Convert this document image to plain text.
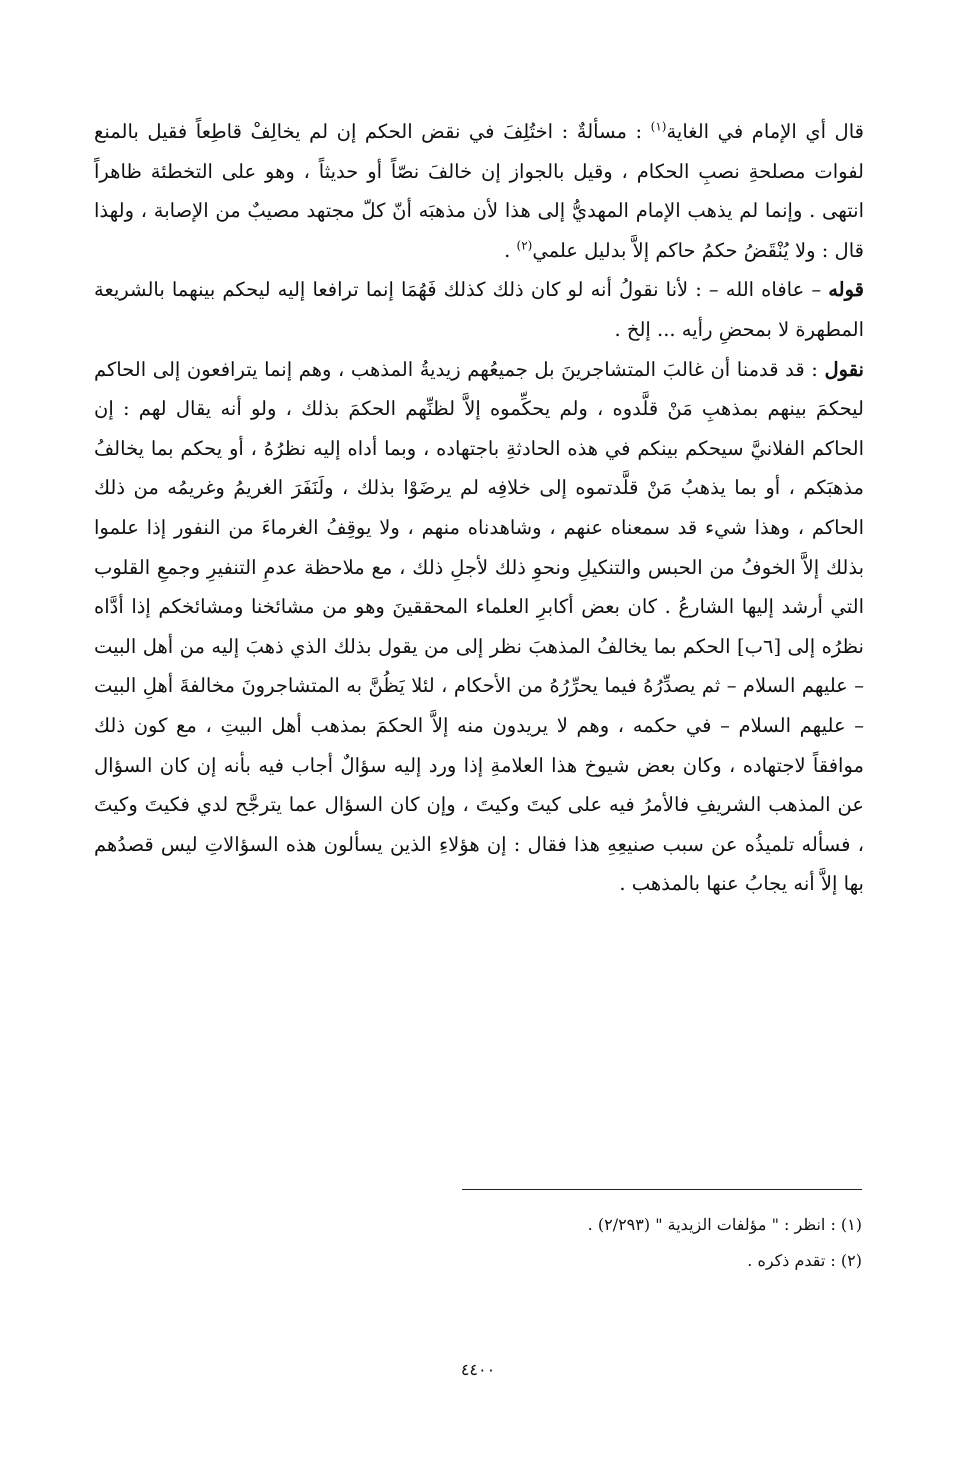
قال أي الإمام في الغاية$^{(١)}$ : مسألةٌ : اختُلِفَ في نقض الحكم إن لم يخالِفْ قاطِعاً فقيل بالمنع لفوات مصلحةِ نصبِ الحكام ، وقيل بالجواز إن خالفَ نصّاً أو حديثاً ، وهو على التخطئة ظاهراً انتهى . وإنما لم يذهب الإمام المهديُّ إلى هذا لأن مذهبَه أنّ كلّ مجتهد مصيبٌ من الإصابة ، ولهذا قال : ولا يُنْقَضُ حكمُ حاكم إلاَّ بدليل علمي$^{(٢)}$ .

قوله – عافاه الله – : لأنا نقولُ أنه لو كان ذلك كذلك فَهُمَا إنما ترافعا إليه ليحكم بينهما بالشريعة المطهرة لا بمحضِ رأيه ... إلخ .

نقول : قد قدمنا أن غالبَ المتشاجرينَ بل جميعُهم زيديةُ المذهب ، وهم إنما يترافعون إلى الحاكم ليحكمَ بينهم بمذهبِ مَنْ قلَّدوه ، ولم يحكِّموه إلاَّ لظنِّهم الحكمَ بذلك ، ولو أنه يقال لهم : إن الحاكم الفلانيَّ سيحكم بينكم في هذه الحادثةِ باجتهاده ، وبما أداه إليه نظرُهُ ، أو يحكم بما يخالفُ مذهبَكم ، أو بما يذهبُ مَنْ قلَّدتموه إلى خلافِه لم يرضَوْا بذلك ، ولَنَفَرَ الغريمُ وغريمُه من ذلك الحاكم ، وهذا شيء قد سمعناه عنهم ، وشاهدناه منهم ، ولا يوقِفُ الغرماءَ من النفور إذا علموا بذلك إلاَّ الخوفُ من الحبس والتنكيلِ ونحوِ ذلك لأجلِ ذلك ، مع ملاحظة عدمِ التنفيرِ وجمعِ القلوب التي أرشد إليها الشارعُ . كان بعض أكابرِ العلماء المحققينَ وهو من مشائخنا ومشائخكم إذا أدَّاه نظرُه إلى [٦ب] الحكم بما يخالفُ المذهبَ نظر إلى من يقول بذلك الذي ذهبَ إليه من أهل البيت – عليهم السلام – ثم يصدِّرُهُ فيما يحرِّرُهُ من الأحكام ، لئلا يَظُنَّ به المتشاجرونَ مخالفةَ أهلِ البيت – عليهم السلام – في حكمه ، وهم لا يريدون منه إلاَّ الحكمَ بمذهب أهل البيتِ ، مع كون ذلك موافقاً لاجتهاده ، وكان بعض شيوخ هذا العلامةِ إذا ورد إليه سؤالٌ أجاب فيه بأنه إن كان السؤال عن المذهب الشريفِ فالأمرُ فيه على كيتَ وكيتَ ، وإن كان السؤال عما يترجَّح لدي فكيتَ وكيتَ ، فسأله تلميذُه عن سبب صنيعِهِ هذا فقال : إن هؤلاءِ الذين يسألون هذه السؤالاتِ ليس قصدُهم بها إلاَّ أنه يجابُ عنها بالمذهب .

(١) : انظر : " مؤلفات الزيدية " (٢/٢٩٣) .
(٢) : تقدم ذكره .
٤٤٠٠
